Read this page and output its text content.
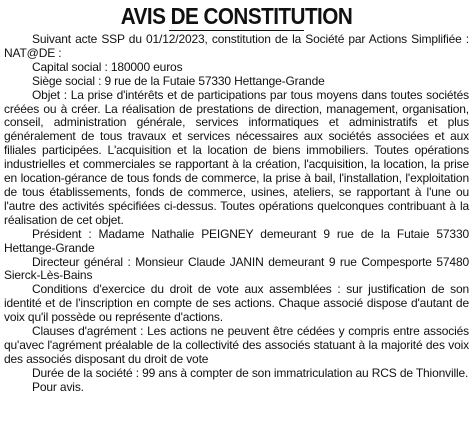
AVIS DE CONSTITUTION

Suivant acte SSP du 01/12/2023, constitution de la Société par Actions Simplifiée : NAT@DE :

Capital social : 180000 euros

Siège social : 9 rue de la Futaie 57330 Hettange-Grande

Objet : La prise d'intérêts et de participations par tous moyens dans toutes sociétés créées ou à créer. La réalisation de prestations de direction, management, organisation, conseil, administration générale, services informatiques et administratifs et plus généralement de tous travaux et services nécessaires aux sociétés associées et aux filiales participées. L'acquisition et la location de biens immobiliers. Toutes opérations industrielles et commerciales se rapportant à la création, l'acquisition, la location, la prise en location-gérance de tous fonds de commerce, la prise à bail, l'installation, l'exploitation de tous établissements, fonds de commerce, usines, ateliers, se rapportant à l'une ou l'autre des activités spécifiées ci-dessus. Toutes opérations quelconques contribuant à la réalisation de cet objet.

Président : Madame Nathalie PEIGNEY demeurant 9 rue de la Futaie 57330 Hettange-Grande

Directeur général : Monsieur Claude JANIN demeurant 9 rue Compesporte 57480 Sierck-Lès-Bains

Conditions d'exercice du droit de vote aux assemblées : sur justification de son identité et de l'inscription en compte de ses actions. Chaque associé dispose d'autant de voix qu'il possède ou représente d'actions.

Clauses d'agrément : Les actions ne peuvent être cédées y compris entre associés qu'avec l'agrément préalable de la collectivité des associés statuant à la majorité des voix des associés disposant du droit de vote

Durée de la société : 99 ans à compter de son immatriculation au RCS de Thionville.

Pour avis.
